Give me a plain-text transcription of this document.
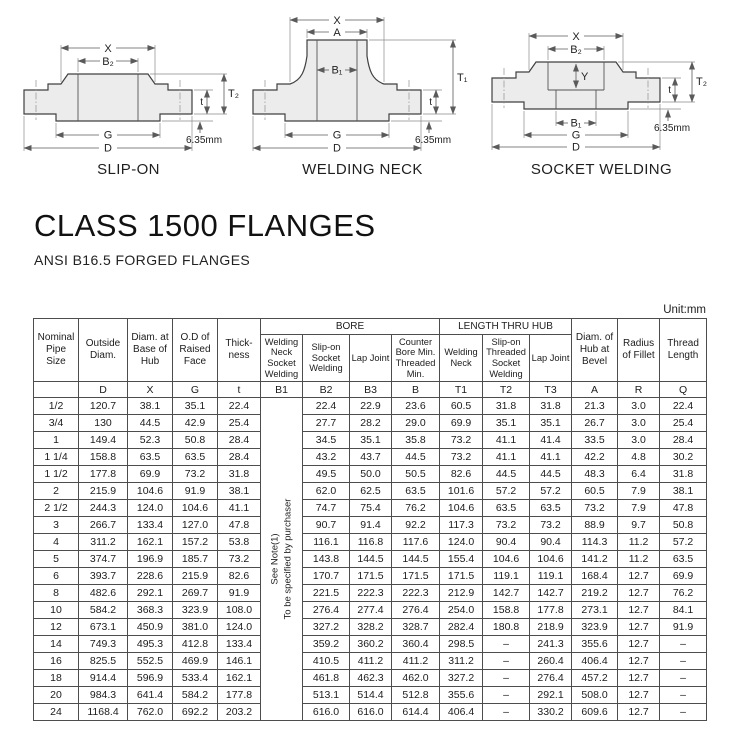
X
B₂
G
D
t
T₂
6.35mm
SLIP-ON
X
A
B₁
G
D
t
T₁
6.35mm
WELDING NECK
X
B₂
Y
B₁
G
D
t
T₂
6.35mm
SOCKET WELDING
CLASS 1500 FLANGES
ANSI B16.5 FORGED FLANGES
Unit:mm
Nominal Pipe Size	Outside Diam.	Diam. at Base of Hub	O.D of Raised Face	Thick-ness	BORE				LENGTH THRU HUB			Diam. of Hub at Bevel	Radius of Fillet	Thread Length
					Welding Neck Socket Welding	Slip-on Socket Welding	Lap Joint	Counter Bore Min. Threaded Min.	Welding Neck	Slip-on Threaded Socket Welding	Lap Joint			
	D	X	G	t	B1	B2	B3	B	T1	T2	T3	A	R	Q
1/2	120.7	38.1	35.1	22.4	See Note(1) To be specified by purchaser	22.4	22.9	23.6	60.5	31.8	31.8	21.3	3.0	22.4
3/4	130	44.5	42.9	25.4		27.7	28.2	29.0	69.9	35.1	35.1	26.7	3.0	25.4
1	149.4	52.3	50.8	28.4		34.5	35.1	35.8	73.2	41.1	41.4	33.5	3.0	28.4
1 1/4	158.8	63.5	63.5	28.4		43.2	43.7	44.5	73.2	41.1	41.1	42.2	4.8	30.2
1 1/2	177.8	69.9	73.2	31.8		49.5	50.0	50.5	82.6	44.5	44.5	48.3	6.4	31.8
2	215.9	104.6	91.9	38.1		62.0	62.5	63.5	101.6	57.2	57.2	60.5	7.9	38.1
2 1/2	244.3	124.0	104.6	41.1		74.7	75.4	76.2	104.6	63.5	63.5	73.2	7.9	47.8
3	266.7	133.4	127.0	47.8		90.7	91.4	92.2	117.3	73.2	73.2	88.9	9.7	50.8
4	311.2	162.1	157.2	53.8		116.1	116.8	117.6	124.0	90.4	90.4	114.3	11.2	57.2
5	374.7	196.9	185.7	73.2		143.8	144.5	144.5	155.4	104.6	104.6	141.2	11.2	63.5
6	393.7	228.6	215.9	82.6		170.7	171.5	171.5	171.5	119.1	119.1	168.4	12.7	69.9
8	482.6	292.1	269.7	91.9		221.5	222.3	222.3	212.9	142.7	142.7	219.2	12.7	76.2
10	584.2	368.3	323.9	108.0		276.4	277.4	276.4	254.0	158.8	177.8	273.1	12.7	84.1
12	673.1	450.9	381.0	124.0		327.2	328.2	328.7	282.4	180.8	218.9	323.9	12.7	91.9
14	749.3	495.3	412.8	133.4		359.2	360.2	360.4	298.5	–	241.3	355.6	12.7	–
16	825.5	552.5	469.9	146.1		410.5	411.2	411.2	311.2	–	260.4	406.4	12.7	–
18	914.4	596.9	533.4	162.1		461.8	462.3	462.0	327.2	–	276.4	457.2	12.7	–
20	984.3	641.4	584.2	177.8		513.1	514.4	512.8	355.6	–	292.1	508.0	12.7	–
24	1168.4	762.0	692.2	203.2		616.0	616.0	614.4	406.4	–	330.2	609.6	12.7	–
